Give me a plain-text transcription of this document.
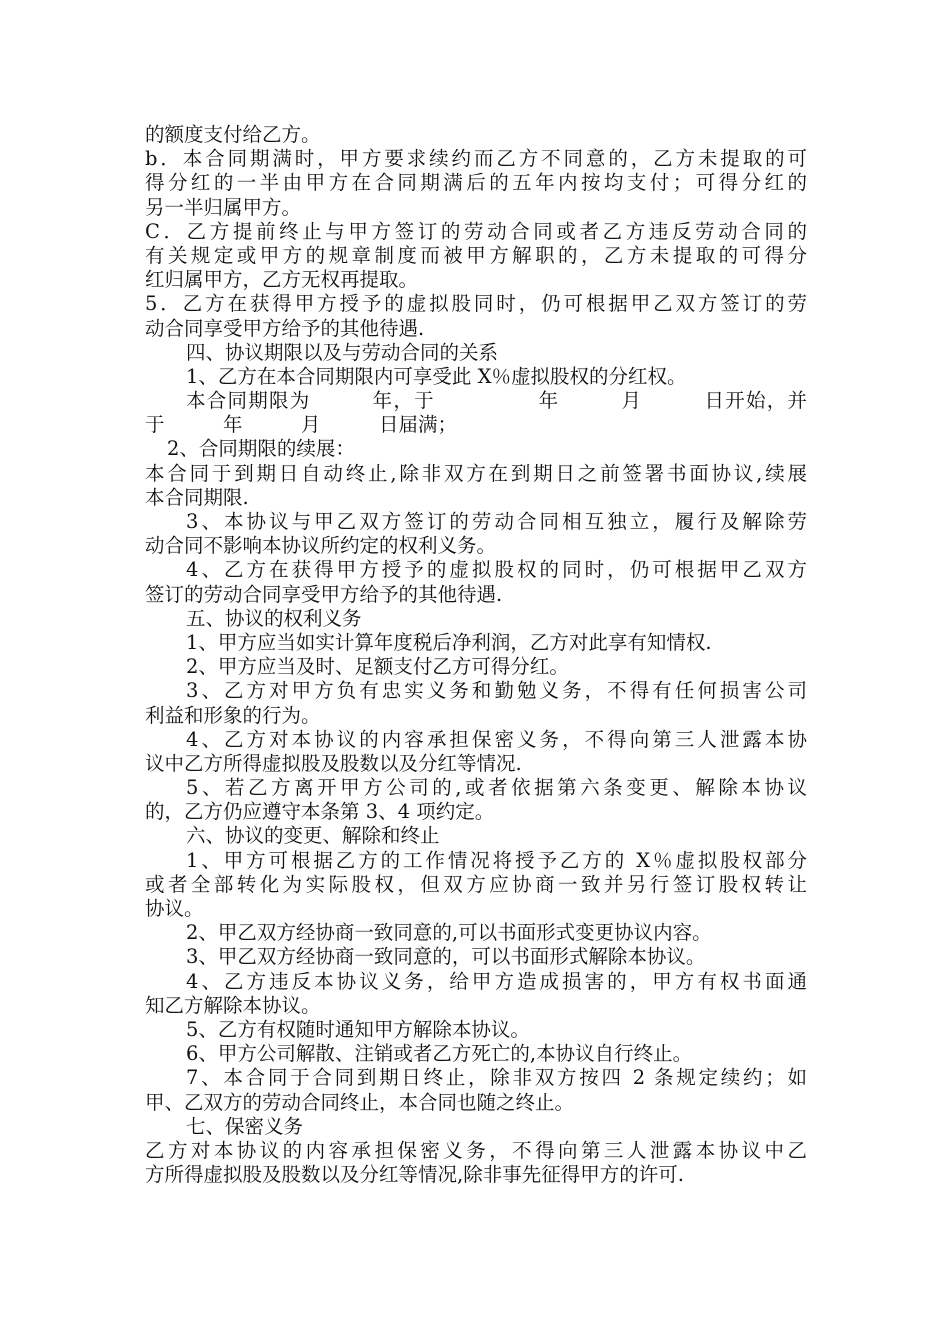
的额度支付给乙方。
b．本合同期满时，甲方要求续约而乙方不同意的，乙方未提取的可
得分红的一半由甲方在合同期满后的五年内按均支付；可得分红的
另一半归属甲方。
C．乙方提前终止与甲方签订的劳动合同或者乙方违反劳动合同的
有关规定或甲方的规章制度而被甲方解职的，乙方未提取的可得分
红归属甲方，乙方无权再提取。
5．乙方在获得甲方授予的虚拟股同时，仍可根据甲乙双方签订的劳
动合同享受甲方给予的其他待遇.
四、协议期限以及与劳动合同的关系
1、乙方在本合同期限内可享受此 X％虚拟股权的分红权。
本合同期限为　　　年，于　　　　　年　　　月　　　日开始，并
于　　　年　　　月　　　日届满；
2、合同期限的续展：
本合同于到期日自动终止,除非双方在到期日之前签署书面协议,续展
本合同期限.
3、本协议与甲乙双方签订的劳动合同相互独立，履行及解除劳
动合同不影响本协议所约定的权利义务。
4、乙方在获得甲方授予的虚拟股权的同时，仍可根据甲乙双方
签订的劳动合同享受甲方给予的其他待遇.
五、协议的权利义务
1、甲方应当如实计算年度税后净利润，乙方对此享有知情权.
2、甲方应当及时、足额支付乙方可得分红。
3、乙方对甲方负有忠实义务和勤勉义务，不得有任何损害公司
利益和形象的行为。
4、乙方对本协议的内容承担保密义务，不得向第三人泄露本协
议中乙方所得虚拟股及股数以及分红等情况.
5、若乙方离开甲方公司的,或者依据第六条变更、解除本协议
的，乙方仍应遵守本条第 3、4 项约定。
六、协议的变更、解除和终止
1、甲方可根据乙方的工作情况将授予乙方的 X％虚拟股权部分
或者全部转化为实际股权，但双方应协商一致并另行签订股权转让
协议。
2、甲乙双方经协商一致同意的,可以书面形式变更协议内容。
3、甲乙双方经协商一致同意的，可以书面形式解除本协议。
4、乙方违反本协议义务，给甲方造成损害的，甲方有权书面通
知乙方解除本协议。
5、乙方有权随时通知甲方解除本协议。
6、甲方公司解散、注销或者乙方死亡的,本协议自行终止。
7、本合同于合同到期日终止，除非双方按四 2 条规定续约；如
甲、乙双方的劳动合同终止，本合同也随之终止。
七、保密义务
乙方对本协议的内容承担保密义务，不得向第三人泄露本协议中乙
方所得虚拟股及股数以及分红等情况,除非事先征得甲方的许可.
